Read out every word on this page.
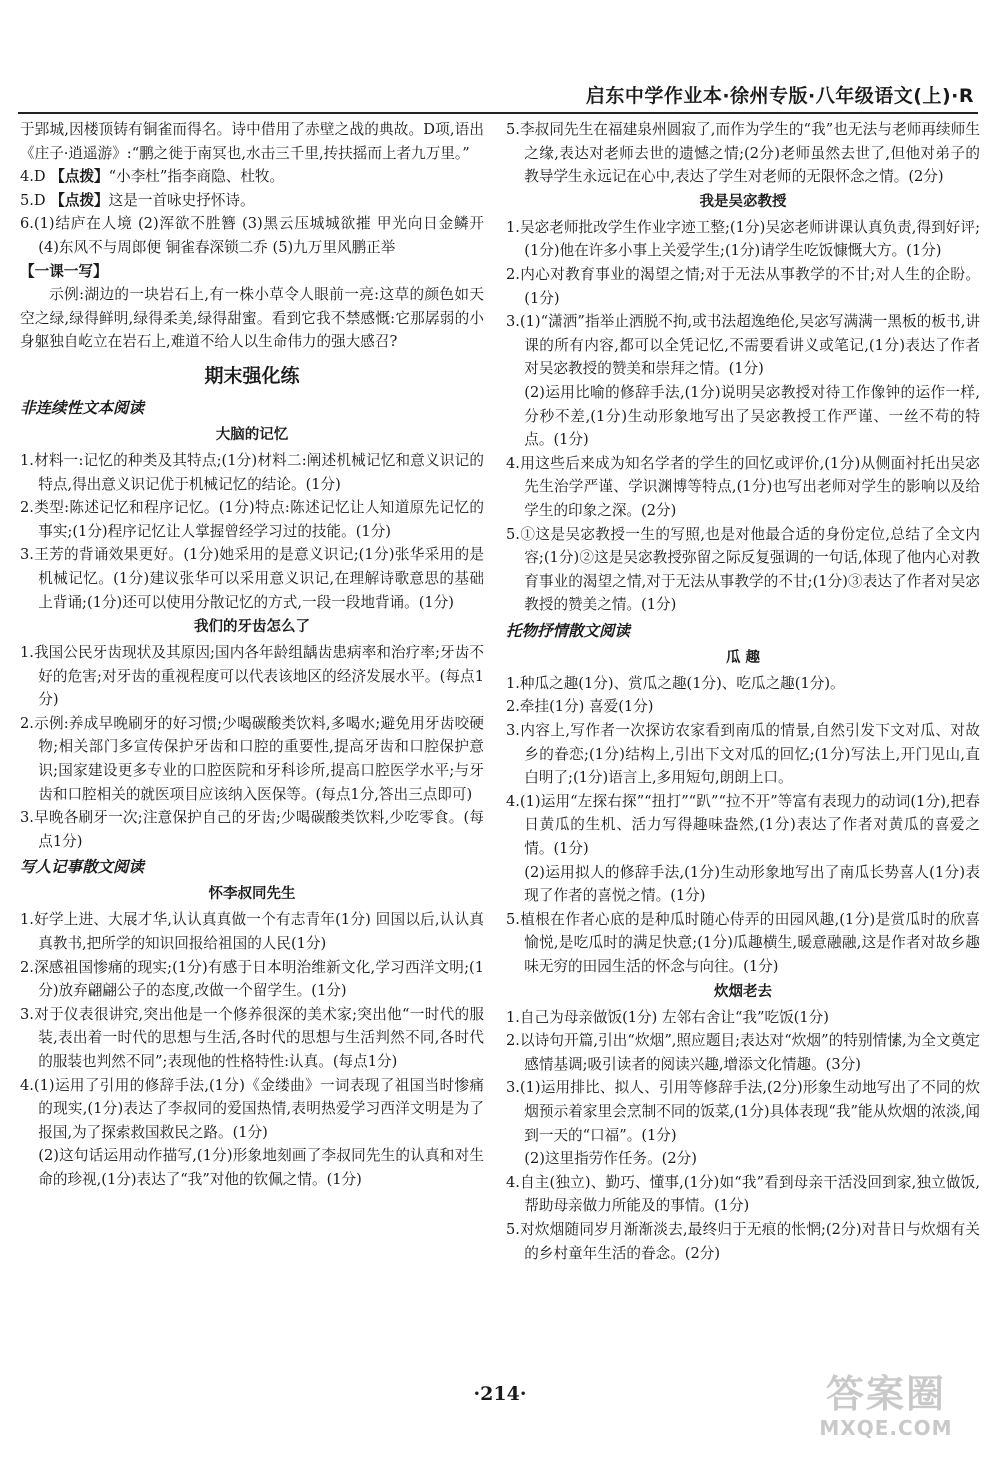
启东中学作业本·徐州专版·八年级语文(上)·R

于郢城,因楼顶铸有铜雀而得名。诗中借用了赤壁之战的典故。D项,语出《庄子·逍遥游》:“鹏之徙于南冥也,水击三千里,抟扶摇而上者九万里。”

4.D 【点拨】“小李杜”指李商隐、杜牧。

5.D 【点拨】这是一首咏史抒怀诗。

6.(1)结庐在人境 (2)浑欲不胜簪 (3)黑云压城城欲摧 甲光向日金鳞开 (4)东风不与周郎便 铜雀春深锁二乔 (5)九万里风鹏正举

【一课一写】

示例:湖边的一块岩石上,有一株小草令人眼前一亮:这草的颜色如天空之绿,绿得鲜明,绿得柔美,绿得甜蜜。看到它我不禁感慨:它那孱弱的小身躯独自屹立在岩石上,难道不给人以生命伟力的强大感召?

期末强化练
非连续性文本阅读
大脑的记忆

1.材料一:记忆的种类及其特点;(1分)材料二:阐述机械记忆和意义识记的特点,得出意义识记优于机械记忆的结论。(1分)

2.类型:陈述记忆和程序记忆。(1分)特点:陈述记忆让人知道原先记忆的事实;(1分)程序记忆让人掌握曾经学习过的技能。(1分)

3.王芳的背诵效果更好。(1分)她采用的是意义识记;(1分)张华采用的是机械记忆。(1分)建议张华可以采用意义识记,在理解诗歌意思的基础上背诵;(1分)还可以使用分散记忆的方式,一段一段地背诵。(1分)

我们的牙齿怎么了

1.我国公民牙齿现状及其原因;国内各年龄组龋齿患病率和治疗率;牙齿不好的危害;对牙齿的重视程度可以代表该地区的经济发展水平。(每点1分)

2.示例:养成早晚刷牙的好习惯;少喝碳酸类饮料,多喝水;避免用牙齿咬硬物;相关部门多宣传保护牙齿和口腔的重要性,提高牙齿和口腔保护意识;国家建设更多专业的口腔医院和牙科诊所,提高口腔医学水平;与牙齿和口腔相关的就医项目应该纳入医保等。(每点1分,答出三点即可)

3.早晚各刷牙一次;注意保护自己的牙齿;少喝碳酸类饮料,少吃零食。(每点1分)

写人记事散文阅读
怀李叔同先生

1.好学上进、大展才华,认认真真做一个有志青年(1分) 回国以后,认认真真教书,把所学的知识回报给祖国的人民(1分)

2.深感祖国惨痛的现实;(1分)有感于日本明治维新文化,学习西洋文明;(1分)放弃翩翩公子的态度,改做一个留学生。(1分)

3.对于仪表很讲究,突出他是一个修养很深的美术家;突出他“一时代的服装,表出着一时代的思想与生活,各时代的思想与生活判然不同,各时代的服装也判然不同”;表现他的性格特性:认真。(每点1分)

4.(1)运用了引用的修辞手法,(1分)《金缕曲》一词表现了祖国当时惨痛的现实,(1分)表达了李叔同的爱国热情,表明热爱学习西洋文明是为了报国,为了探索救国救民之路。(1分)

(2)这句话运用动作描写,(1分)形象地刻画了李叔同先生的认真和对生命的珍视,(1分)表达了“我”对他的钦佩之情。(1分)

5.李叔同先生在福建泉州圆寂了,而作为学生的“我”也无法与老师再续师生之缘,表达对老师去世的遗憾之情;(2分)老师虽然去世了,但他对弟子的教导学生永远记在心中,表达了学生对老师的无限怀念之情。(2分)

我是吴宓教授

1.吴宓老师批改学生作业字迹工整;(1分)吴宓老师讲课认真负责,得到好评;(1分)他在许多小事上关爱学生;(1分)请学生吃饭慷慨大方。(1分)

2.内心对教育事业的渴望之情;对于无法从事教学的不甘;对人生的企盼。(1分)

3.(1)“潇洒”指举止洒脱不拘,或书法超逸绝伦,吴宓写满满一黑板的板书,讲课的所有内容,都可以全凭记忆,不需要看讲义或笔记,(1分)表达了作者对吴宓教授的赞美和崇拜之情。(1分)

(2)运用比喻的修辞手法,(1分)说明吴宓教授对待工作像钟的运作一样,分秒不差,(1分)生动形象地写出了吴宓教授工作严谨、一丝不苟的特点。(1分)

4.用这些后来成为知名学者的学生的回忆或评价,(1分)从侧面衬托出吴宓先生治学严谨、学识渊博等特点,(1分)也写出老师对学生的影响以及给学生的印象之深。(2分)

5.①这是吴宓教授一生的写照,也是对他最合适的身份定位,总结了全文内容;(1分)②这是吴宓教授弥留之际反复强调的一句话,体现了他内心对教育事业的渴望之情,对于无法从事教学的不甘;(1分)③表达了作者对吴宓教授的赞美之情。(1分)

托物抒情散文阅读
瓜 趣

1.种瓜之趣(1分)、赏瓜之趣(1分)、吃瓜之趣(1分)。

2.牵挂(1分) 喜爱(1分)

3.内容上,写作者一次探访农家看到南瓜的情景,自然引发下文对瓜、对故乡的眷恋;(1分)结构上,引出下文对瓜的回忆;(1分)写法上,开门见山,直白明了;(1分)语言上,多用短句,朗朗上口。

4.(1)运用“左探右探”“扭打”“趴”“拉不开”等富有表现力的动词(1分),把春日黄瓜的生机、活力写得趣味盎然,(1分)表达了作者对黄瓜的喜爱之情。(1分)

(2)运用拟人的修辞手法,(1分)生动形象地写出了南瓜长势喜人(1分)表现了作者的喜悦之情。(1分)

5.植根在作者心底的是种瓜时随心侍弄的田园风趣,(1分)是赏瓜时的欣喜愉悦,是吃瓜时的满足快意;(1分)瓜趣横生,暖意融融,这是作者对故乡趣味无穷的田园生活的怀念与向往。(1分)

炊烟老去

1.自己为母亲做饭(1分) 左邻右舍让“我”吃饭(1分)

2.以诗句开篇,引出“炊烟”,照应题目;表达对“炊烟”的特别情愫,为全文奠定感情基调;吸引读者的阅读兴趣,增添文化情趣。(3分)

3.(1)运用排比、拟人、引用等修辞手法,(2分)形象生动地写出了不同的炊烟预示着家里会烹制不同的饭菜,(1分)具体表现“我”能从炊烟的浓淡,闻到一天的“口福”。(1分)

(2)这里指劳作任务。(2分)

4.自主(独立)、勤巧、懂事,(1分)如“我”看到母亲干活没回到家,独立做饭,帮助母亲做力所能及的事情。(1分)

5.对炊烟随同岁月渐渐淡去,最终归于无痕的怅惘;(2分)对昔日与炊烟有关的乡村童年生活的眷念。(2分)

·214·	答案圈
MXQE.COM
